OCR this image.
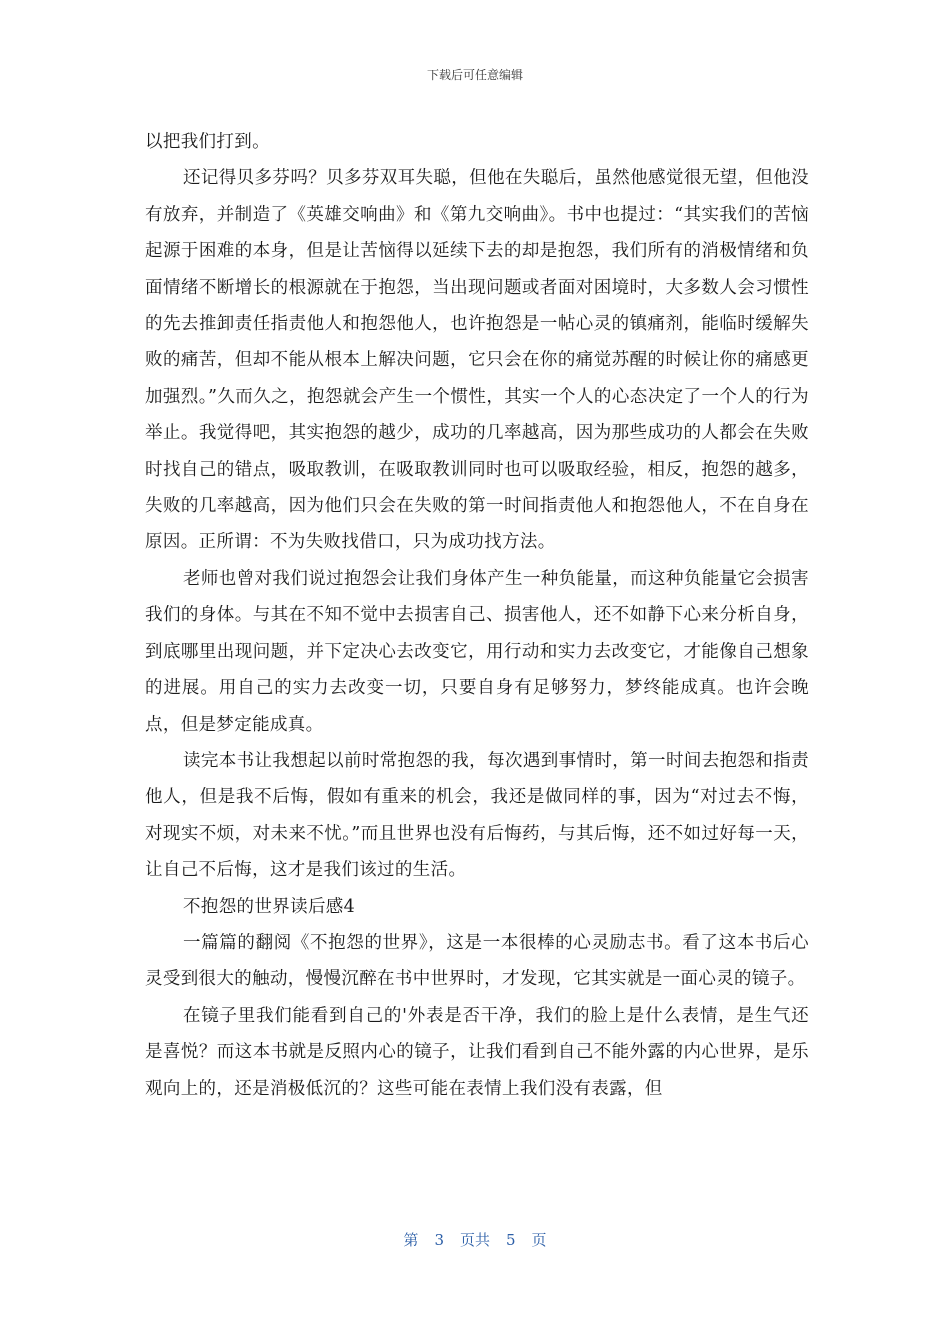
下载后可任意编辑

以把我们打到。

还记得贝多芬吗？贝多芬双耳失聪，但他在失聪后，虽然他感觉很无望，但他没有放弃，并制造了《英雄交响曲》和《第九交响曲》。书中也提过：“其实我们的苦恼起源于困难的本身，但是让苦恼得以延续下去的却是抱怨，我们所有的消极情绪和负面情绪不断增长的根源就在于抱怨，当出现问题或者面对困境时，大多数人会习惯性的先去推卸责任指责他人和抱怨他人，也许抱怨是一帖心灵的镇痛剂，能临时缓解失败的痛苦，但却不能从根本上解决问题，它只会在你的痛觉苏醒的时候让你的痛感更加强烈。”久而久之，抱怨就会产生一个惯性，其实一个人的心态决定了一个人的行为举止。我觉得吧，其实抱怨的越少，成功的几率越高，因为那些成功的人都会在失败时找自己的错点，吸取教训，在吸取教训同时也可以吸取经验，相反，抱怨的越多，失败的几率越高，因为他们只会在失败的第一时间指责他人和抱怨他人，不在自身在原因。正所谓：不为失败找借口，只为成功找方法。

老师也曾对我们说过抱怨会让我们身体产生一种负能量，而这种负能量它会损害我们的身体。与其在不知不觉中去损害自己、损害他人，还不如静下心来分析自身，到底哪里出现问题，并下定决心去改变它，用行动和实力去改变它，才能像自己想象的进展。用自己的实力去改变一切，只要自身有足够努力，梦终能成真。也许会晚点，但是梦定能成真。

读完本书让我想起以前时常抱怨的我，每次遇到事情时，第一时间去抱怨和指责他人，但是我不后悔，假如有重来的机会，我还是做同样的事，因为“对过去不悔，对现实不烦，对未来不忧。”而且世界也没有后悔药，与其后悔，还不如过好每一天，让自己不后悔，这才是我们该过的生活。

不抱怨的世界读后感4

一篇篇的翻阅《不抱怨的世界》，这是一本很棒的心灵励志书。看了这本书后心灵受到很大的触动，慢慢沉醉在书中世界时，才发现，它其实就是一面心灵的镜子。

在镜子里我们能看到自己的'外表是否干净，我们的脸上是什么表情，是生气还是喜悦？而这本书就是反照内心的镜子，让我们看到自己不能外露的内心世界，是乐观向上的，还是消极低沉的？这些可能在表情上我们没有表露，但

第 3 页共 5 页
